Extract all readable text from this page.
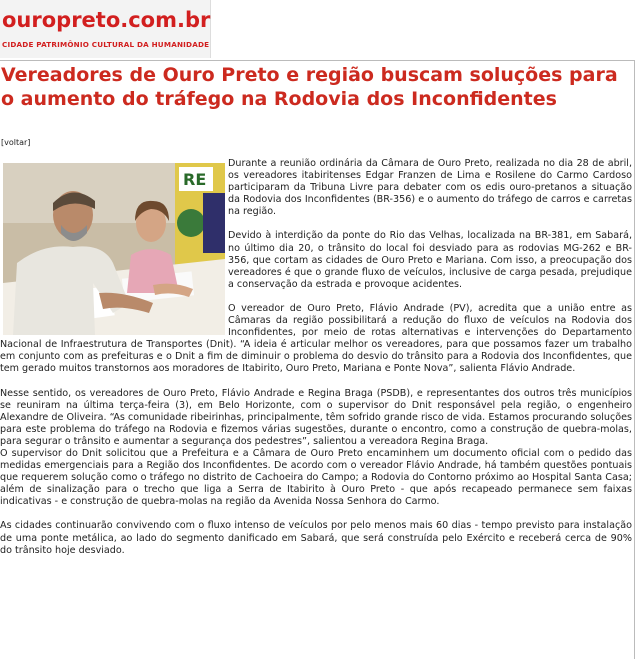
ouropreto.com.br
CIDADE PATRIMÔNIO CULTURAL DA HUMANIDADE
Vereadores de Ouro Preto e região buscam soluções para o aumento do tráfego na Rodovia dos Inconfidentes
[voltar]
RE

Durante a reunião ordinária da Câmara de Ouro Preto, realizada no dia 28 de abril, os vereadores itabiritenses Edgar Franzen de Lima e Rosilene do Carmo Cardoso participaram da Tribuna Livre para debater com os edis ouro-pretanos a situação da Rodovia dos Inconfidentes (BR-356) e o aumento do tráfego de carros e carretas na região.

Devido à interdição da ponte do Rio das Velhas, localizada na BR-381, em Sabará, no último dia 20, o trânsito do local foi desviado para as rodovias MG-262 e BR-356, que cortam as cidades de Ouro Preto e Mariana. Com isso, a preocupação dos vereadores é que o grande fluxo de veículos, inclusive de carga pesada, prejudique a conservação da estrada e provoque acidentes.

O vereador de Ouro Preto, Flávio Andrade (PV), acredita que a união entre as Câmaras da região possibilitará a redução do fluxo de veículos na Rodovia dos Inconfidentes, por meio de rotas alternativas e intervenções do Departamento Nacional de Infraestrutura de Transportes (Dnit). “A ideia é articular melhor os vereadores, para que possamos fazer um trabalho em conjunto com as prefeituras e o Dnit a fim de diminuir o problema do desvio do trânsito para a Rodovia dos Inconfidentes, que tem gerado muitos transtornos aos moradores de Itabirito, Ouro Preto, Mariana e Ponte Nova”, salienta Flávio Andrade.

Nesse sentido, os vereadores de Ouro Preto, Flávio Andrade e Regina Braga (PSDB), e representantes dos outros três municípios se reuniram na última terça-feira (3), em Belo Horizonte, com o supervisor do Dnit responsável pela região, o engenheiro Alexandre de Oliveira. “As comunidade ribeirinhas, principalmente, têm sofrido grande risco de vida. Estamos procurando soluções para este problema do tráfego na Rodovia e fizemos várias sugestões, durante o encontro, como a construção de quebra-molas, para segurar o trânsito e aumentar a segurança dos pedestres”, salientou a vereadora Regina Braga.

O supervisor do Dnit solicitou que a Prefeitura e a Câmara de Ouro Preto encaminhem um documento oficial com o pedido das medidas emergenciais para a Região dos Inconfidentes. De acordo com o vereador Flávio Andrade, há também questões pontuais que requerem solução como o tráfego no distrito de Cachoeira do Campo; a Rodovia do Contorno próximo ao Hospital Santa Casa; além de sinalização para o trecho que liga a Serra de Itabirito à Ouro Preto - que após recapeado permanece sem faixas indicativas - e construção de quebra-molas na região da Avenida Nossa Senhora do Carmo.

As cidades continuarão convivendo com o fluxo intenso de veículos por pelo menos mais 60 dias - tempo previsto para instalação de uma ponte metálica, ao lado do segmento danificado em Sabará, que será construída pelo Exército e receberá cerca de 90% do trânsito hoje desviado.
